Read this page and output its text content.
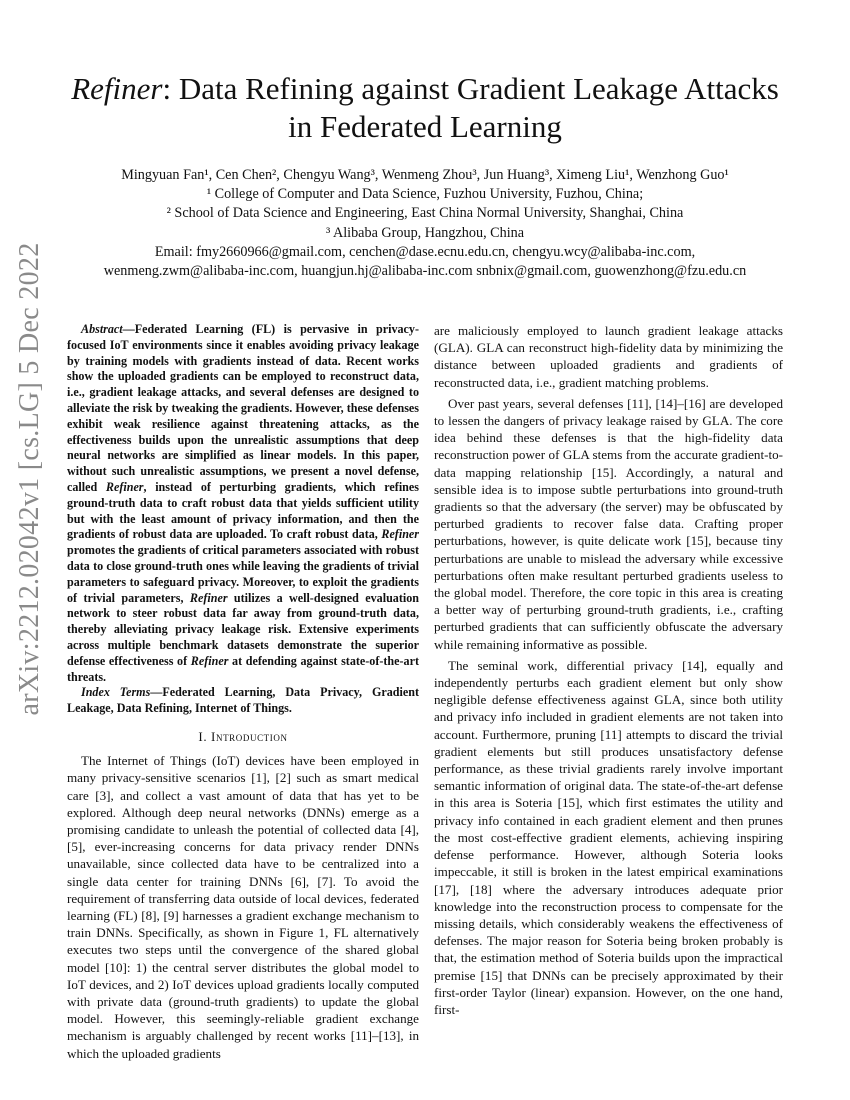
Refiner: Data Refining against Gradient Leakage Attacks in Federated Learning
Mingyuan Fan¹, Cen Chen², Chengyu Wang³, Wenmeng Zhou³, Jun Huang³, Ximeng Liu¹, Wenzhong Guo¹
¹ College of Computer and Data Science, Fuzhou University, Fuzhou, China;
² School of Data Science and Engineering, East China Normal University, Shanghai, China
³ Alibaba Group, Hangzhou, China
Email: fmy2660966@gmail.com, cenchen@dase.ecnu.edu.cn, chengyu.wcy@alibaba-inc.com,
wenmeng.zwm@alibaba-inc.com, huangjun.hj@alibaba-inc.com snbnix@gmail.com, guowenzhong@fzu.edu.cn
arXiv:2212.02042v1 [cs.LG] 5 Dec 2022	Abstract—Federated Learning (FL) is pervasive in privacy-focused IoT environments since it enables avoiding privacy leakage by training models with gradients instead of data. Recent works show the uploaded gradients can be employed to reconstruct data, i.e., gradient leakage attacks, and several defenses are designed to alleviate the risk by tweaking the gradients. However, these defenses exhibit weak resilience against threatening attacks, as the effectiveness builds upon the unrealistic assumptions that deep neural networks are simplified as linear models. In this paper, without such unrealistic assumptions, we present a novel defense, called Refiner, instead of perturbing gradients, which refines ground-truth data to craft robust data that yields sufficient utility but with the least amount of privacy information, and then the gradients of robust data are uploaded. To craft robust data, Refiner promotes the gradients of critical parameters associated with robust data to close ground-truth ones while leaving the gradients of trivial parameters to safeguard privacy. Moreover, to exploit the gradients of trivial parameters, Refiner utilizes a well-designed evaluation network to steer robust data far away from ground-truth data, thereby alleviating privacy leakage risk. Extensive experiments across multiple benchmark datasets demonstrate the superior defense effectiveness of Refiner at defending against state-of-the-art threats.

Index Terms—Federated Learning, Data Privacy, Gradient Leakage, Data Refining, Internet of Things.

I. Introduction

The Internet of Things (IoT) devices have been employed in many privacy-sensitive scenarios [1], [2] such as smart medical care [3], and collect a vast amount of data that has yet to be explored. Although deep neural networks (DNNs) emerge as a promising candidate to unleash the potential of collected data [4], [5], ever-increasing concerns for data privacy render DNNs unavailable, since collected data have to be centralized into a single data center for training DNNs [6], [7]. To avoid the requirement of transferring data outside of local devices, federated learning (FL) [8], [9] harnesses a gradient exchange mechanism to train DNNs. Specifically, as shown in Figure 1, FL alternatively executes two steps until the convergence of the shared global model [10]: 1) the central server distributes the global model to IoT devices, and 2) IoT devices upload gradients locally computed with private data (ground-truth gradients) to update the global model. However, this seemingly-reliable gradient exchange mechanism is arguably challenged by recent works [11]–[13], in which the uploaded gradients

are maliciously employed to launch gradient leakage attacks (GLA). GLA can reconstruct high-fidelity data by minimizing the distance between uploaded gradients and gradients of reconstructed data, i.e., gradient matching problems.

Over past years, several defenses [11], [14]–[16] are developed to lessen the dangers of privacy leakage raised by GLA. The core idea behind these defenses is that the high-fidelity data reconstruction power of GLA stems from the accurate gradient-to-data mapping relationship [15]. Accordingly, a natural and sensible idea is to impose subtle perturbations into ground-truth gradients so that the adversary (the server) may be obfuscated by perturbed gradients to recover false data. Crafting proper perturbations, however, is quite delicate work [15], because tiny perturbations are unable to mislead the adversary while excessive perturbations often make resultant perturbed gradients useless to the global model. Therefore, the core topic in this area is creating a better way of perturbing ground-truth gradients, i.e., crafting perturbed gradients that can sufficiently obfuscate the adversary while remaining informative as possible.

The seminal work, differential privacy [14], equally and independently perturbs each gradient element but only show negligible defense effectiveness against GLA, since both utility and privacy info included in gradient elements are not taken into account. Furthermore, pruning [11] attempts to discard the trivial gradient elements but still produces unsatisfactory defense performance, as these trivial gradients rarely involve important semantic information of original data. The state-of-the-art defense in this area is Soteria [15], which first estimates the utility and privacy info contained in each gradient element and then prunes the most cost-effective gradient elements, achieving inspiring defense performance. However, although Soteria looks impeccable, it still is broken in the latest empirical examinations [17], [18] where the adversary introduces adequate prior knowledge into the reconstruction process to compensate for the missing details, which considerably weakens the effectiveness of defenses. The major reason for Soteria being broken probably is that, the estimation method of Soteria builds upon the impractical premise [15] that DNNs can be precisely approximated by their first-order Taylor (linear) expansion. However, on the one hand, first-
